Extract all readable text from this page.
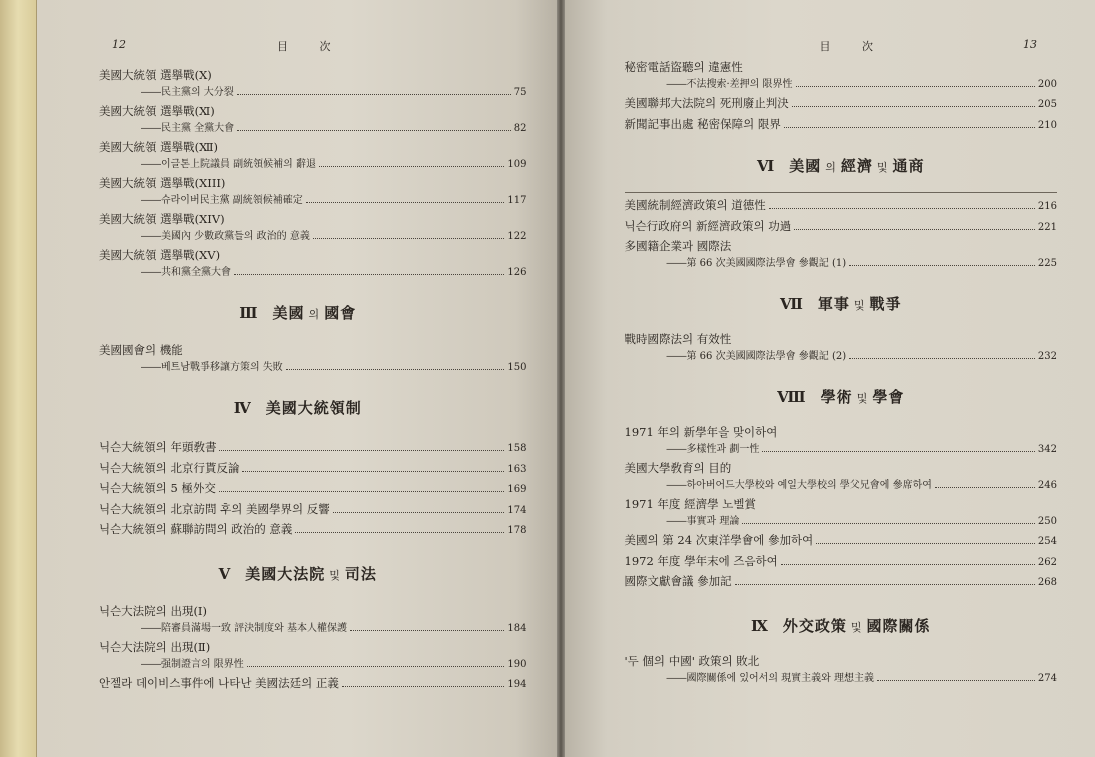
12	目 次
美國大統領 選擧戰(Ⅹ)
―― 民主黨의 大分裂	75
美國大統領 選擧戰(Ⅺ)
―― 民主黨 全黨大會	82
美國大統領 選擧戰(Ⅻ)
―― 이글톤上院議員 副統領候補의 辭退	109
美國大統領 選擧戰(XIII)
―― 슈라이버民主黨 副統領候補確定	117
美國大統領 選擧戰(XIV)
―― 美國內 少數政黨들의 政治的 意義	122
美國大統領 選擧戰(XV)
―― 共和黨全黨大會	126
Ⅲ 美國 의 國會
美國國會의 機能
―― 베트남戰爭移讓方策의 失敗	150
Ⅳ 美國大統領制
닉슨大統領의 年頭敎書	158
닉슨大統領의 北京行貰反論	163
닉슨大統領의 5 極外交	169
닉슨大統領의 北京訪問 후의 美國學界의 反響	174
닉슨大統領의 蘇聯訪問의 政治的 意義	178
Ⅴ 美國大法院 및 司法
닉슨大法院의 出現(Ⅰ)
―― 陪審員滿場一致 評決制度와 基本人權保護	184
닉슨大法院의 出現(Ⅱ)
―― 强制證言의 限界性	190
안젤라 데이비스事件에 나타난 美國法廷의 正義	194
目 次	13
秘密電話盜聽의 違憲性
―― 不法搜索·差押의 限界性	200
美國聯邦大法院의 死刑廢止判決	205
新聞記事出處 秘密保障의 限界	210
Ⅵ 美國 의 經濟 및 通商
美國統制經濟政策의 道德性	216
닉슨行政府의 新經濟政策의 功過	221
多國籍企業과 國際法
―― 第 66 次美國國際法學會 參觀記 (1)	225
Ⅶ 軍事 및 戰爭
戰時國際法의 有效性
―― 第 66 次美國國際法學會 參觀記 (2)	232
Ⅷ 學術 및 學會
1971 年의 新學年을 맞이하여
―― 多樣性과 劃一性	342
美國大學敎育의 目的
―― 하아버어드大學校와 예일大學校의 學父兄會에 參席하여	246
1971 年度 經濟學 노벨賞
―― 事實과 理論	250
美國의 第 24 次東洋學會에 參加하여	254
1972 年度 學年末에 즈음하여	262
國際文獻會議 參加記	268
Ⅸ 外交政策 및 國際關係
'두 個의 中國' 政策의 敗北
―― 國際關係에 있어서의 現實主義와 理想主義	274
